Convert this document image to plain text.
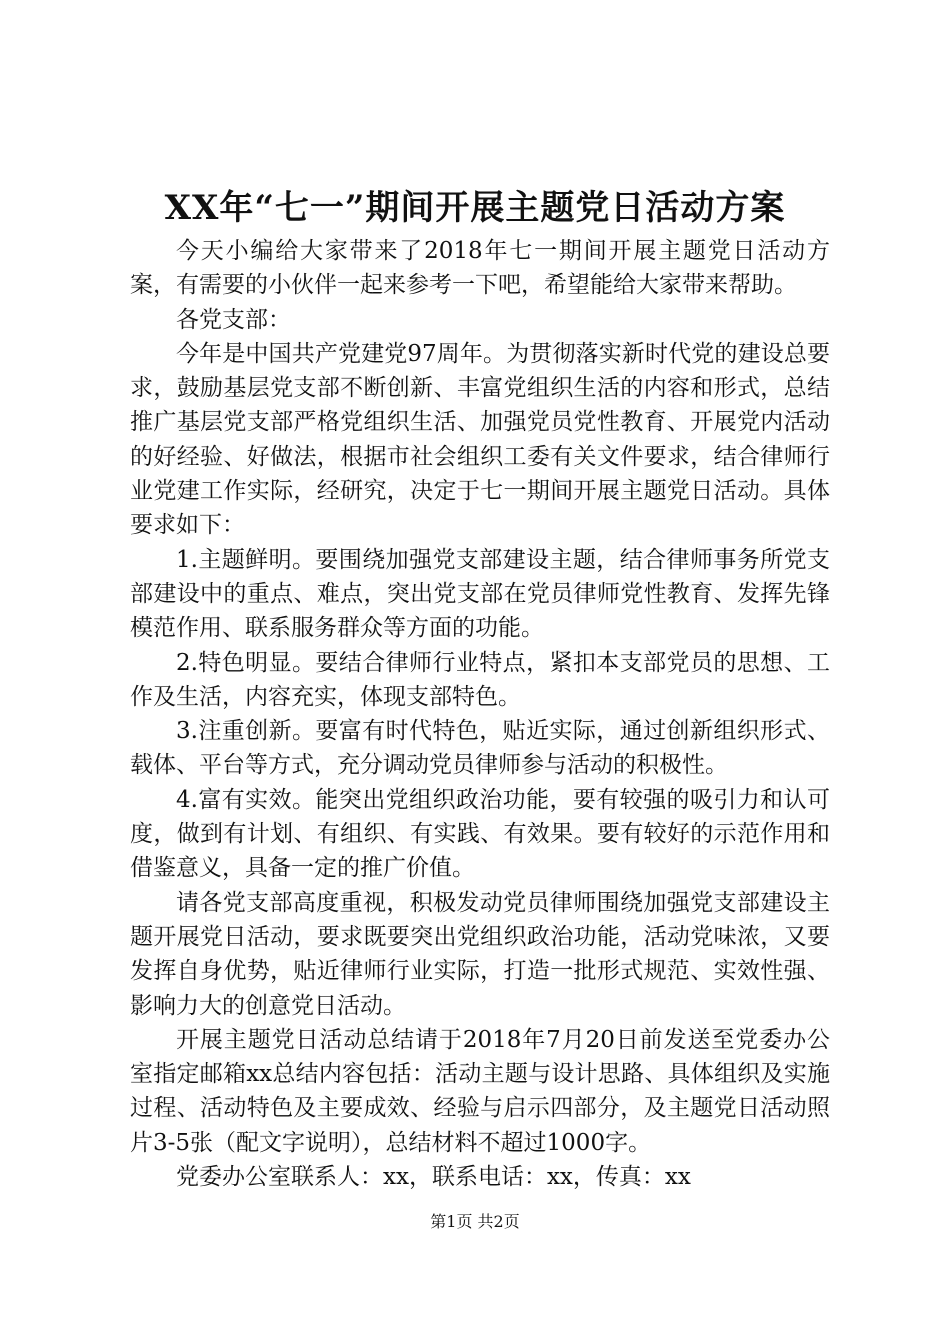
XX年“七一”期间开展主题党日活动方案

今天小编给大家带来了2018年七一期间开展主题党日活动方案，有需要的小伙伴一起来参考一下吧，希望能给大家带来帮助。

各党支部：

今年是中国共产党建党97周年。为贯彻落实新时代党的建设总要求，鼓励基层党支部不断创新、丰富党组织生活的内容和形式，总结推广基层党支部严格党组织生活、加强党员党性教育、开展党内活动的好经验、好做法，根据市社会组织工委有关文件要求，结合律师行业党建工作实际，经研究，决定于七一期间开展主题党日活动。具体要求如下：

1.主题鲜明。要围绕加强党支部建设主题，结合律师事务所党支部建设中的重点、难点，突出党支部在党员律师党性教育、发挥先锋模范作用、联系服务群众等方面的功能。

2.特色明显。要结合律师行业特点，紧扣本支部党员的思想、工作及生活，内容充实，体现支部特色。

3.注重创新。要富有时代特色，贴近实际，通过创新组织形式、载体、平台等方式，充分调动党员律师参与活动的积极性。

4.富有实效。能突出党组织政治功能，要有较强的吸引力和认可度，做到有计划、有组织、有实践、有效果。要有较好的示范作用和借鉴意义，具备一定的推广价值。

请各党支部高度重视，积极发动党员律师围绕加强党支部建设主题开展党日活动，要求既要突出党组织政治功能，活动党味浓，又要发挥自身优势，贴近律师行业实际，打造一批形式规范、实效性强、影响力大的创意党日活动。

开展主题党日活动总结请于2018年7月20日前发送至党委办公室指定邮箱xx总结内容包括：活动主题与设计思路、具体组织及实施过程、活动特色及主要成效、经验与启示四部分，及主题党日活动照片3-5张（配文字说明），总结材料不超过1000字。

党委办公室联系人：xx，联系电话：xx，传真：xx

第1页 共2页
